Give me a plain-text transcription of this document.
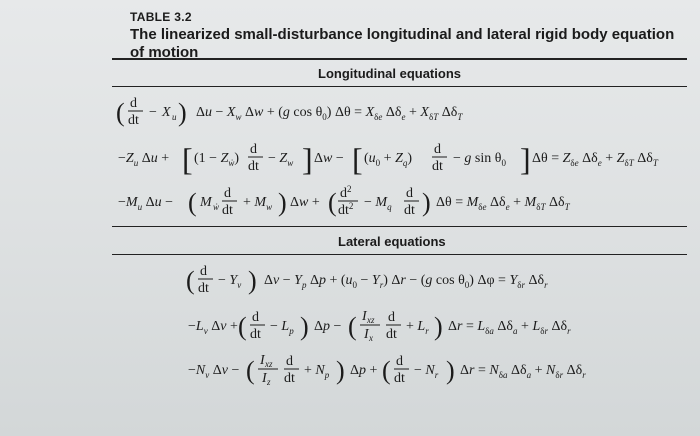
TABLE 3.2
The linearized small-disturbance longitudinal and lateral rigid body equation
of motion
Longitudinal equations
( d
dt
− X u ) $\Delta u - X_w$ Δw + (g $\cos \theta_0$) $\Delta\theta = X_\delta e$ $\Delta\delta_e + X_\delta T$ $\Delta\delta_T$
$-Z_u$ Δu + [ $(1 - Z_ẇ)$
d
dt
− $Z_w$ ] Δw − [ $(u_0 + Z_q)$
d
dt
− g $\sin \theta_0$ ] $\Delta\theta = Z_\delta e$ $\Delta\delta_e + Z_\delta T$ $\Delta\delta_T$
$-M_u$ Δu − ( M ẇ
d
dt
+ $M_w$ ) Δw + ( $d^2$
$dt^2 - M_q$
d
dt ) $\Delta\theta = M_\delta e$ $\Delta\delta_e + M_\delta T$ $\Delta\delta_T$
Lateral equations
( d
dt
− $Y_v$ ) $\Delta v - Y_p$ $\Delta p + (u_0 - Y_r) \Delta r - (g$ $\cos \theta_0$) $\Delta\varphi = Y_\delta r$ $\Delta\delta_r$
$-L_v$ Δv + ( d
dt
− $L_p$ ) Δp − ( I xz
I x
d
dt
+ $L_r$ ) $\Delta r = L_\delta a$ $\Delta\delta_a + L_\delta r$ $\Delta\delta_r$
$-N_v$ Δv − ( I xz
I z
d
dt
+ $N_p$ ) Δp + ( d
dt
− $N_r$ ) $\Delta r = N_\delta a$ $\Delta\delta_a + N_\delta r$ $\Delta\delta_r$
